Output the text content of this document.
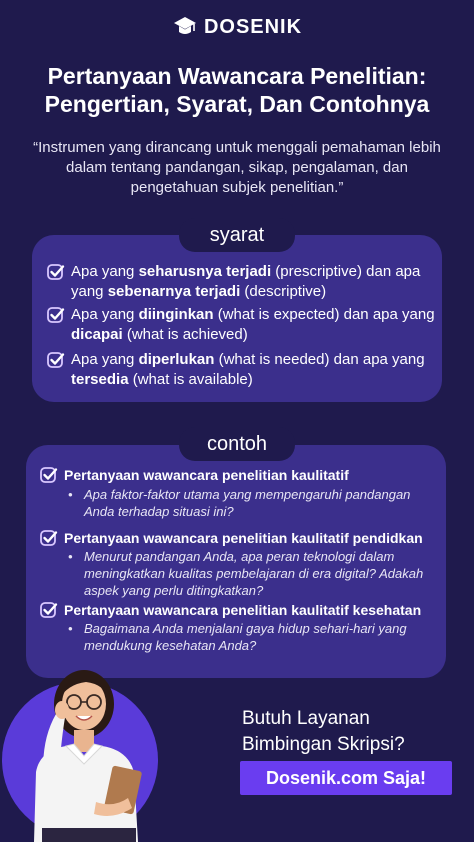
DOSENIK
Pertanyaan Wawancara Penelitian:
Pengertian, Syarat, Dan Contohnya
“Instrumen yang dirancang untuk menggali pemahaman lebih dalam tentang pandangan, sikap, pengalaman, dan pengetahuan subjek penelitian.”
syarat
Apa yang seharusnya terjadi (prescriptive) dan apa yang sebenarnya terjadi (descriptive)
Apa yang diinginkan (what is expected) dan apa yang dicapai (what is achieved)
Apa yang diperlukan (what is needed) dan apa yang tersedia (what is available)
contoh
Pertanyaan wawancara penelitian kaulitatif
• Apa faktor-faktor utama yang mempengaruhi pandangan Anda terhadap situasi ini?
Pertanyaan wawancara penelitian kaulitatif pendidkan
• Menurut pandangan Anda, apa peran teknologi dalam meningkatkan kualitas pembelajaran di era digital? Adakah aspek yang perlu ditingkatkan?
Pertanyaan wawancara penelitian kaulitatif kesehatan
• Bagaimana Anda menjalani gaya hidup sehari-hari yang mendukung kesehatan Anda?
Butuh Layanan
Bimbingan Skripsi?
Dosenik.com Saja!
